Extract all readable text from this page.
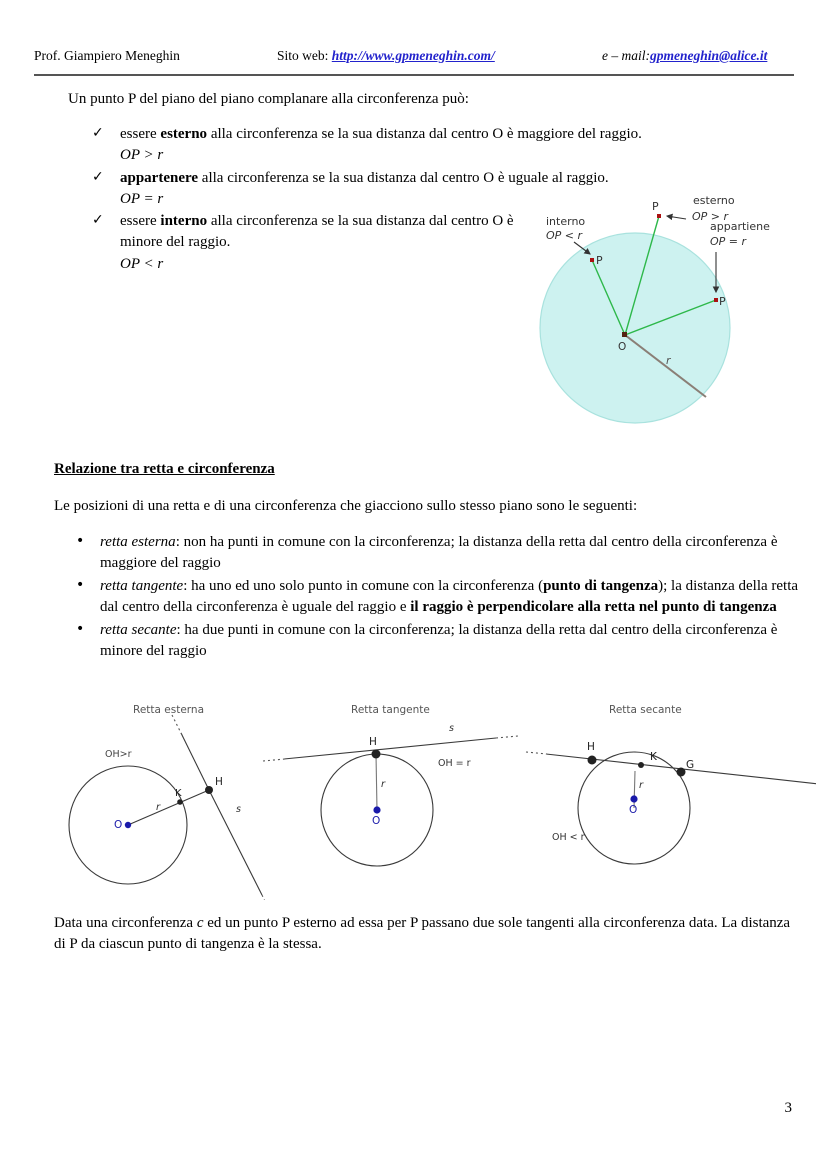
Prof. Giampiero Meneghin	Sito web: http://www.gpmeneghin.com/	e – mail:gpmeneghin@alice.it
Un punto P del piano del piano complanare alla circonferenza può:
✓ essere esterno alla circonferenza se la sua distanza dal centro O è maggiore del raggio.
OP > r
✓ appartenere alla circonferenza se la sua distanza dal centro O è uguale al raggio.
OP = r
✓ essere interno alla circonferenza se la sua distanza dal centro O è minore del raggio.
OP < r
O
r
P
P
P
interno
OP < r
esterno
OP > r
appartiene
OP = r
Relazione tra retta e circonferenza
Le posizioni di una retta e di una circonferenza che giacciono sullo stesso piano sono le seguenti:
• retta esterna: non ha punti in comune con la circonferenza; la distanza della retta dal centro della circonferenza è maggiore del raggio
• retta tangente: ha uno ed uno solo punto in comune con la circonferenza (punto di tangenza); la distanza della retta dal centro della circonferenza è uguale del raggio e il raggio è perpendicolare alla retta nel punto di tangenza
• retta secante: ha due punti in comune con la circonferenza; la distanza della retta dal centro della circonferenza è minore del raggio
Retta esterna
OH>r
O
K
H
r	s
Retta tangente
H
O
r
s
OH = r
Retta secante
K
H
G
O
r
OH < r
Data una circonferenza c ed un punto P esterno ad essa per P passano due sole tangenti alla circonferenza data. La distanza di P da ciascun punto di tangenza è la stessa.
3
